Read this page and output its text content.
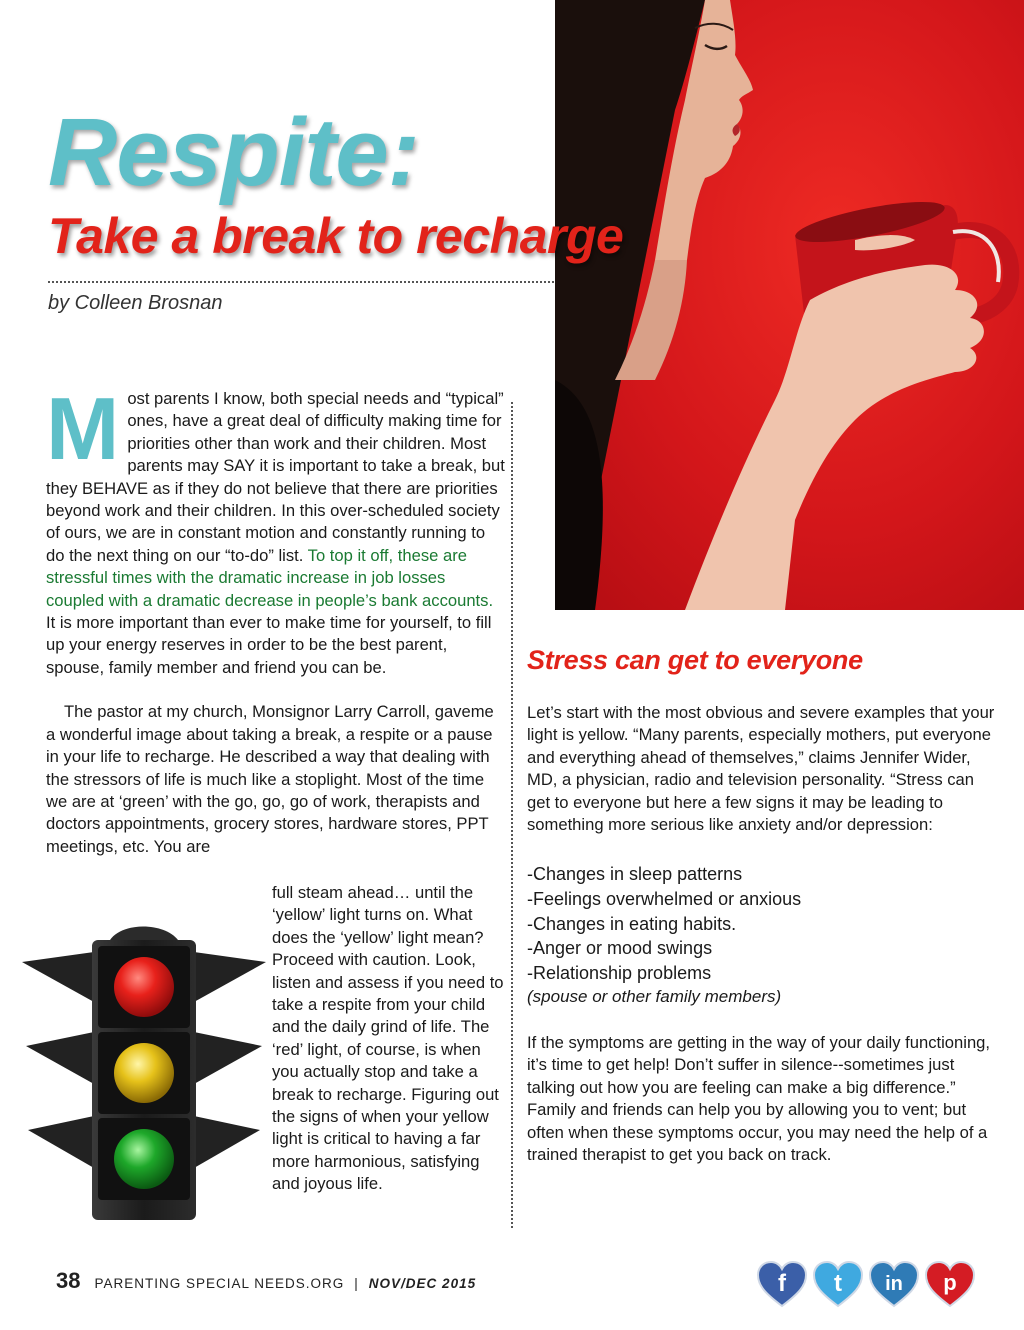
Respite:
Take a break to recharge
by Colleen Brosnan

Most parents I know, both special needs and “typical” ones, have a great deal of difficulty making time for priorities other than work and their children. Most parents may SAY it is important to take a break, but they BEHAVE as if they do not believe that there are priorities beyond work and their children. In this over-scheduled society of ours, we are in constant motion and constantly running to do the next thing on our “to-do” list. To top it off, these are stressful times with the dramatic increase in job losses coupled with a dramatic decrease in people’s bank accounts. It is more important than ever to make time for yourself, to fill up your energy reserves in order to be the best parent, spouse, family member and friend you can be.

The pastor at my church, Monsignor Larry Carroll, gaveme a wonderful image about taking a break, a respite or a pause in your life to recharge. He described a way that dealing with the stressors of life is much like a stoplight. Most of the time we are at ‘green’ with the go, go, go of work, therapists and doctors appointments, grocery stores, hardware stores, PPT meetings, etc. You are

full steam ahead… until the ‘yellow’ light turns on. What does the ‘yellow’ light mean? Proceed with caution. Look, listen and assess if you need to take a respite from your child and the daily grind of life. The ‘red’ light, of course, is when you actually stop and take a break to recharge. Figuring out the signs of when your yellow light is critical to having a far more harmonious, satisfying and joyous life.
Stress can get to everyone

Let’s start with the most obvious and severe examples that your light is yellow. “Many parents, especially mothers, put everyone and everything ahead of themselves,” claims Jennifer Wider, MD, a physician, radio and television personality. “Stress can get to everyone but here a few signs it may be leading to something more serious like anxiety and/or depression:

-Changes in sleep patterns
-Feelings overwhelmed or anxious
-Changes in eating habits.
-Anger or mood swings
-Relationship problems
(spouse or other family members)

If the symptoms are getting in the way of your daily functioning, it’s time to get help! Don’t suffer in silence--sometimes just talking out how you are feeling can make a big difference.” Family and friends can help you by allowing you to vent; but often when these symptoms occur, you may need the help of a trained therapist to get you back on track.

38 PARENTING SPECIAL NEEDS.ORG | NOV/DEC 2015	f t in p
